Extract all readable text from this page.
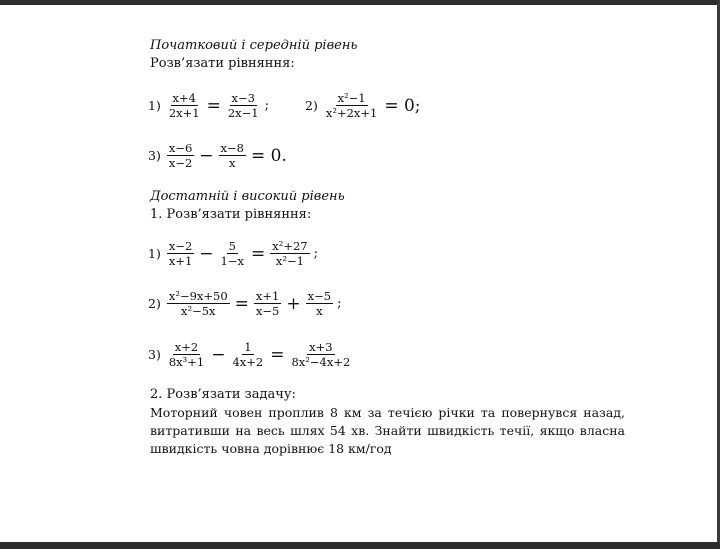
Початковий і середній рівень
Розв’язати рівняння:
$1) \frac{x+4}{2x+1} = \frac{x-3}{2x-1}$ ;	$2) \frac{\text{x²−1}}{\text{x²+2x+1}} = 0$;
$3) \frac{x-6}{x-2} - \frac{x-8}{x} = 0$.
Достатній і високий рівень
1. Розв’язати рівняння:
$1) \frac{x-2}{x+1} - \frac{5}{1-x} = \frac{\text{x²+27}}{\text{x²−1}}$ ;
$2) \frac{\text{x²−9x+50}}{\text{x²−5x}} = \frac{x+1}{x-5} + \frac{x-5}{x}$ ;
$3) \frac{x+2}{\text{8x³+1}} - \frac{1}{4x+2} = \frac{x+3}{\text{8x²−4x+2}}$
2. Розв’язати задачу:
Моторний човен проплив 8 км за течією річки та повернувся назад, витративши на весь шлях 54 хв. Знайти швидкість течії, якщо власна швидкість човна дорівнює 18 км/год
